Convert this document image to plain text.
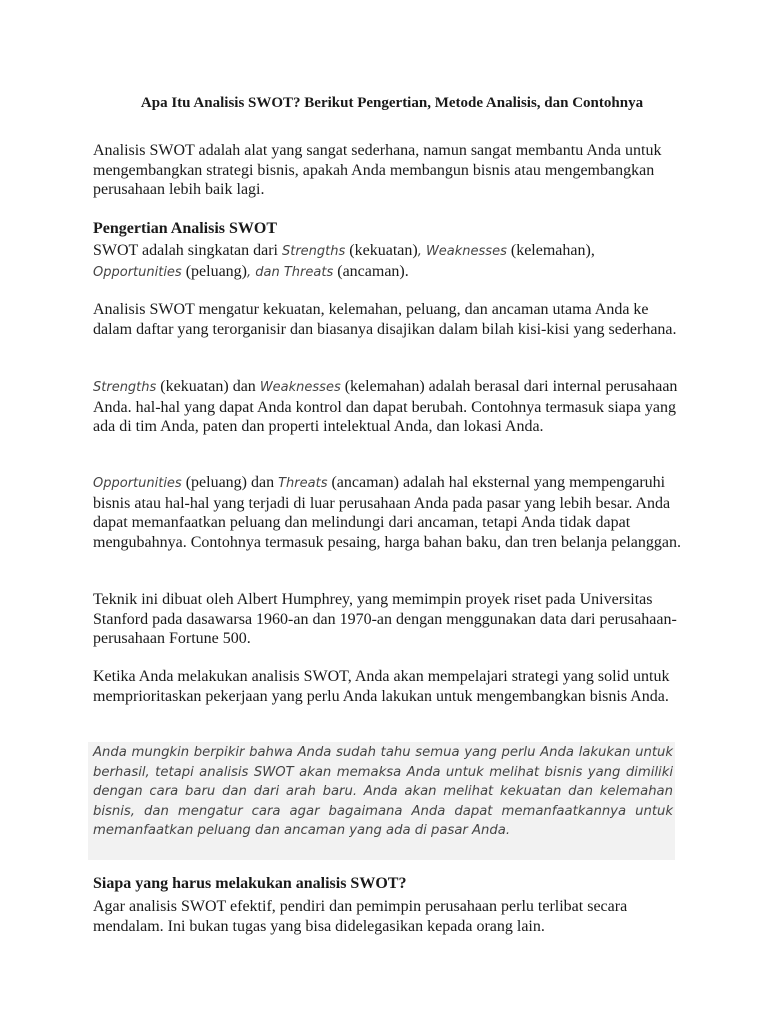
Apa Itu Analisis SWOT? Berikut Pengertian, Metode Analisis, dan Contohnya

Analisis SWOT adalah alat yang sangat sederhana, namun sangat membantu Anda untuk mengembangkan strategi bisnis, apakah Anda membangun bisnis atau mengembangkan perusahaan lebih baik lagi.

Pengertian Analisis SWOT

SWOT adalah singkatan dari Strengths (kekuatan), Weaknesses (kelemahan),
Opportunities (peluang), dan Threats (ancaman).

Analisis SWOT mengatur kekuatan, kelemahan, peluang, dan ancaman utama Anda ke dalam daftar yang terorganisir dan biasanya disajikan dalam bilah kisi-kisi yang sederhana.

Strengths (kekuatan) dan Weaknesses (kelemahan) adalah berasal dari internal perusahaan Anda. hal-hal yang dapat Anda kontrol dan dapat berubah. Contohnya termasuk siapa yang ada di tim Anda, paten dan properti intelektual Anda, dan lokasi Anda.

Opportunities (peluang) dan Threats (ancaman) adalah hal eksternal yang mempengaruhi bisnis atau hal-hal yang terjadi di luar perusahaan Anda pada pasar yang lebih besar. Anda dapat memanfaatkan peluang dan melindungi dari ancaman, tetapi Anda tidak dapat mengubahnya. Contohnya termasuk pesaing, harga bahan baku, dan tren belanja pelanggan.

Teknik ini dibuat oleh Albert Humphrey, yang memimpin proyek riset pada Universitas Stanford pada dasawarsa 1960-an dan 1970-an dengan menggunakan data dari perusahaan-perusahaan Fortune 500.

Ketika Anda melakukan analisis SWOT, Anda akan mempelajari strategi yang solid untuk memprioritaskan pekerjaan yang perlu Anda lakukan untuk mengembangkan bisnis Anda.

Anda mungkin berpikir bahwa Anda sudah tahu semua yang perlu Anda lakukan untuk berhasil, tetapi analisis SWOT akan memaksa Anda untuk melihat bisnis yang dimiliki dengan cara baru dan dari arah baru. Anda akan melihat kekuatan dan kelemahan bisnis, dan mengatur cara agar bagaimana Anda dapat memanfaatkannya untuk memanfaatkan peluang dan ancaman yang ada di pasar Anda.

Siapa yang harus melakukan analisis SWOT?

Agar analisis SWOT efektif, pendiri dan pemimpin perusahaan perlu terlibat secara mendalam. Ini bukan tugas yang bisa didelegasikan kepada orang lain.
